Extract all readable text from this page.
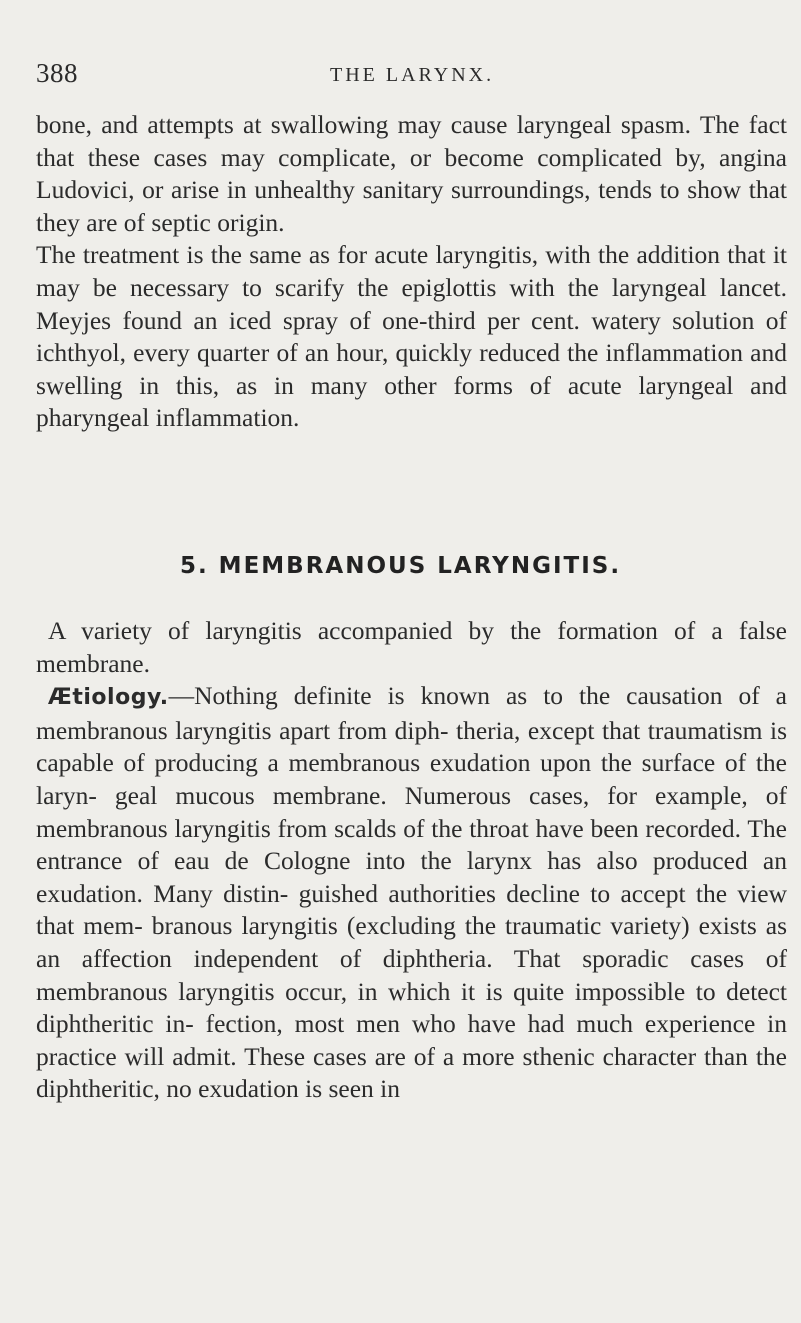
388	THE LARYNX.

bone, and attempts at swallowing may cause laryngeal spasm. The fact that these cases may complicate, or become complicated by, angina Ludovici, or arise in unhealthy sanitary surroundings, tends to show that they are of septic origin.

The treatment is the same as for acute laryngitis, with the addition that it may be necessary to scarify the epiglottis with the laryngeal lancet. Meyjes found an iced spray of one-third per cent. watery solution of ichthyol, every quarter of an hour, quickly reduced the inflammation and swelling in this, as in many other forms of acute laryngeal and pharyngeal inflammation.

5. MEMBRANOUS LARYNGITIS.

A variety of laryngitis accompanied by the formation of a false membrane.

Ætiology.—Nothing definite is known as to the causation of a membranous laryngitis apart from diph- theria, except that traumatism is capable of producing a membranous exudation upon the surface of the laryn- geal mucous membrane. Numerous cases, for example, of membranous laryngitis from scalds of the throat have been recorded. The entrance of eau de Cologne into the larynx has also produced an exudation. Many distin- guished authorities decline to accept the view that mem- branous laryngitis (excluding the traumatic variety) exists as an affection independent of diphtheria. That sporadic cases of membranous laryngitis occur, in which it is quite impossible to detect diphtheritic in- fection, most men who have had much experience in practice will admit. These cases are of a more sthenic character than the diphtheritic, no exudation is seen in
